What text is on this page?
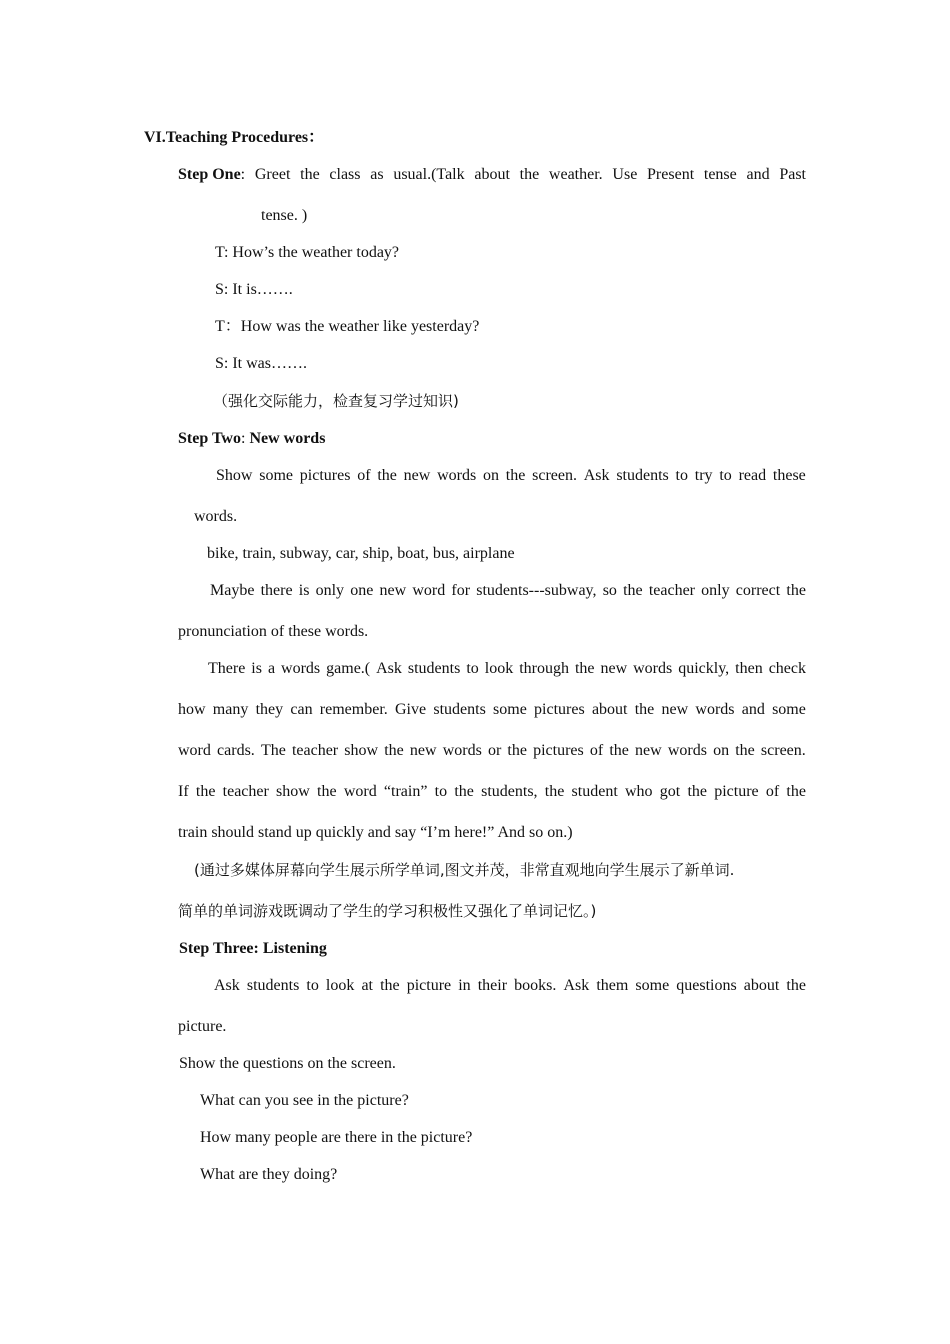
VI.Teaching Procedures：
Step One: Greet the class as usual.(Talk about the weather. Use Present tense and Past
tense. )
T: How’s the weather today?
S: It is…….
T：How was the weather like yesterday?
S: It was…….
（强化交际能力，检查复习学过知识)
Step Two: New words
Show some pictures of the new words on the screen. Ask students to try to read these
words.
bike, train, subway, car, ship, boat, bus, airplane
Maybe there is only one new word for students---subway, so the teacher only correct the
pronunciation of these words.
There is a words game.( Ask students to look through the new words quickly, then check
how many they can remember. Give students some pictures about the new words and some
word cards. The teacher show the new words or the pictures of the new words on the screen.
If the teacher show the word “train” to the students, the student who got the picture of the
train should stand up quickly and say “I’m here!” And so on.)
(通过多媒体屏幕向学生展示所学单词,图文并茂，非常直观地向学生展示了新单词.
简单的单词游戏既调动了学生的学习积极性又强化了单词记忆。)
Step Three: Listening
Ask students to look at the picture in their books. Ask them some questions about the
picture.
Show the questions on the screen.
What can you see in the picture?
How many people are there in the picture?
What are they doing?
